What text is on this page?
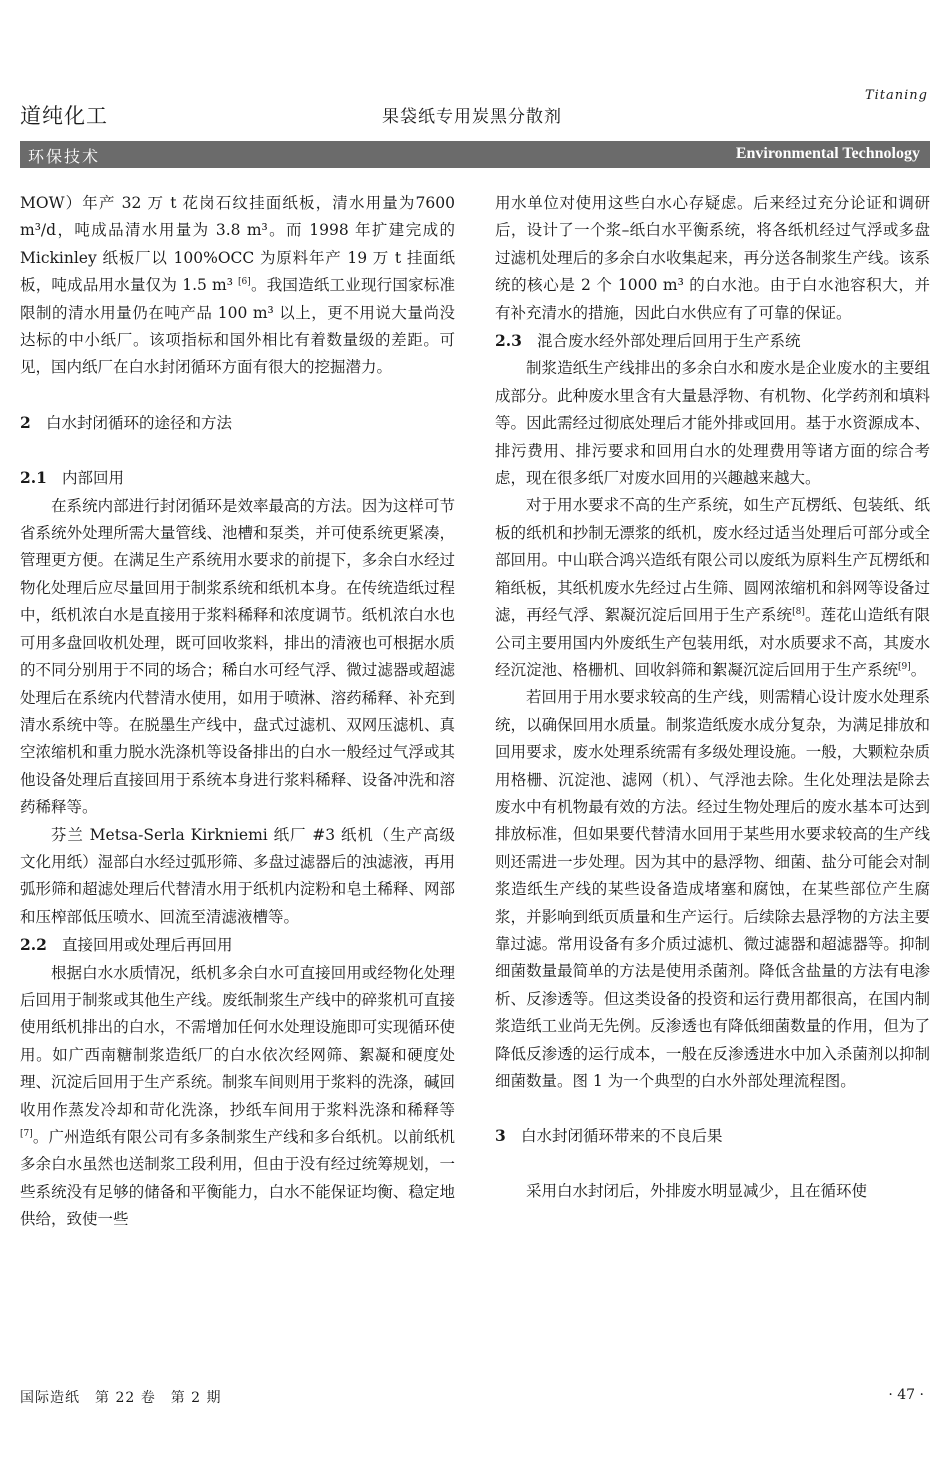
道纯化工	果袋纸专用炭黑分散剂
Titaning
环保技术	Environmental Technology

MOW）年产 32 万 t 花岗石纹挂面纸板，清水用量为7600 m³/d，吨成品清水用量为 3.8 m³。而 1998 年扩建完成的 Mickinley 纸板厂以 100%OCC 为原料年产 19 万 t 挂面纸板，吨成品用水量仅为 1.5 m³ [6]。我国造纸工业现行国家标准限制的清水用量仍在吨产品 100 m³ 以上，更不用说大量尚没达标的中小纸厂。该项指标和国外相比有着数量级的差距。可见，国内纸厂在白水封闭循环方面有很大的挖掘潜力。

2 白水封闭循环的途径和方法

2.1 内部回用

在系统内部进行封闭循环是效率最高的方法。因为这样可节省系统外处理所需大量管线、池槽和泵类，并可使系统更紧凑，管理更方便。在满足生产系统用水要求的前提下，多余白水经过物化处理后应尽量回用于制浆系统和纸机本身。在传统造纸过程中，纸机浓白水是直接用于浆料稀释和浓度调节。纸机浓白水也可用多盘回收机处理，既可回收浆料，排出的清液也可根据水质的不同分别用于不同的场合；稀白水可经气浮、微过滤器或超滤处理后在系统内代替清水使用，如用于喷淋、溶药稀释、补充到清水系统中等。在脱墨生产线中，盘式过滤机、双网压滤机、真空浓缩机和重力脱水洗涤机等设备排出的白水一般经过气浮或其他设备处理后直接回用于系统本身进行浆料稀释、设备冲洗和溶药稀释等。

芬兰 Metsa-Serla Kirkniemi 纸厂 #3 纸机（生产高级文化用纸）湿部白水经过弧形筛、多盘过滤器后的浊滤液，再用弧形筛和超滤处理后代替清水用于纸机内淀粉和皂土稀释、网部和压榨部低压喷水、回流至清滤液槽等。

2.2 直接回用或处理后再回用

根据白水水质情况，纸机多余白水可直接回用或经物化处理后回用于制浆或其他生产线。废纸制浆生产线中的碎浆机可直接使用纸机排出的白水，不需增加任何水处理设施即可实现循环使用。如广西南糖制浆造纸厂的白水依次经网筛、絮凝和硬度处理、沉淀后回用于生产系统。制浆车间则用于浆料的洗涤，碱回收用作蒸发冷却和苛化洗涤，抄纸车间用于浆料洗涤和稀释等[7]。广州造纸有限公司有多条制浆生产线和多台纸机。以前纸机多余白水虽然也送制浆工段利用，但由于没有经过统筹规划，一些系统没有足够的储备和平衡能力，白水不能保证均衡、稳定地供给，致使一些

用水单位对使用这些白水心存疑虑。后来经过充分论证和调研后，设计了一个浆–纸白水平衡系统，将各纸机经过气浮或多盘过滤机处理后的多余白水收集起来，再分送各制浆生产线。该系统的核心是 2 个 1000 m³ 的白水池。由于白水池容积大，并有补充清水的措施，因此白水供应有了可靠的保证。

2.3 混合废水经外部处理后回用于生产系统

制浆造纸生产线排出的多余白水和废水是企业废水的主要组成部分。此种废水里含有大量悬浮物、有机物、化学药剂和填料等。因此需经过彻底处理后才能外排或回用。基于水资源成本、排污费用、排污要求和回用白水的处理费用等诸方面的综合考虑，现在很多纸厂对废水回用的兴趣越来越大。

对于用水要求不高的生产系统，如生产瓦楞纸、包装纸、纸板的纸机和抄制无漂浆的纸机，废水经过适当处理后可部分或全部回用。中山联合鸿兴造纸有限公司以废纸为原料生产瓦楞纸和箱纸板，其纸机废水先经过占生筛、圆网浓缩机和斜网等设备过滤，再经气浮、絮凝沉淀后回用于生产系统[8]。莲花山造纸有限公司主要用国内外废纸生产包装用纸，对水质要求不高，其废水经沉淀池、格栅机、回收斜筛和絮凝沉淀后回用于生产系统[9]。

若回用于用水要求较高的生产线，则需精心设计废水处理系统，以确保回用水质量。制浆造纸废水成分复杂，为满足排放和回用要求，废水处理系统需有多级处理设施。一般，大颗粒杂质用格栅、沉淀池、滤网（机）、气浮池去除。生化处理法是除去废水中有机物最有效的方法。经过生物处理后的废水基本可达到排放标准，但如果要代替清水回用于某些用水要求较高的生产线则还需进一步处理。因为其中的悬浮物、细菌、盐分可能会对制浆造纸生产线的某些设备造成堵塞和腐蚀，在某些部位产生腐浆，并影响到纸页质量和生产运行。后续除去悬浮物的方法主要靠过滤。常用设备有多介质过滤机、微过滤器和超滤器等。抑制细菌数量最简单的方法是使用杀菌剂。降低含盐量的方法有电渗析、反渗透等。但这类设备的投资和运行费用都很高，在国内制浆造纸工业尚无先例。反渗透也有降低细菌数量的作用，但为了降低反渗透的运行成本，一般在反渗透进水中加入杀菌剂以抑制细菌数量。图 1 为一个典型的白水外部处理流程图。

3 白水封闭循环带来的不良后果

采用白水封闭后，外排废水明显减少，且在循环使

国际造纸　第 22 卷　第 2 期	· 47 ·
